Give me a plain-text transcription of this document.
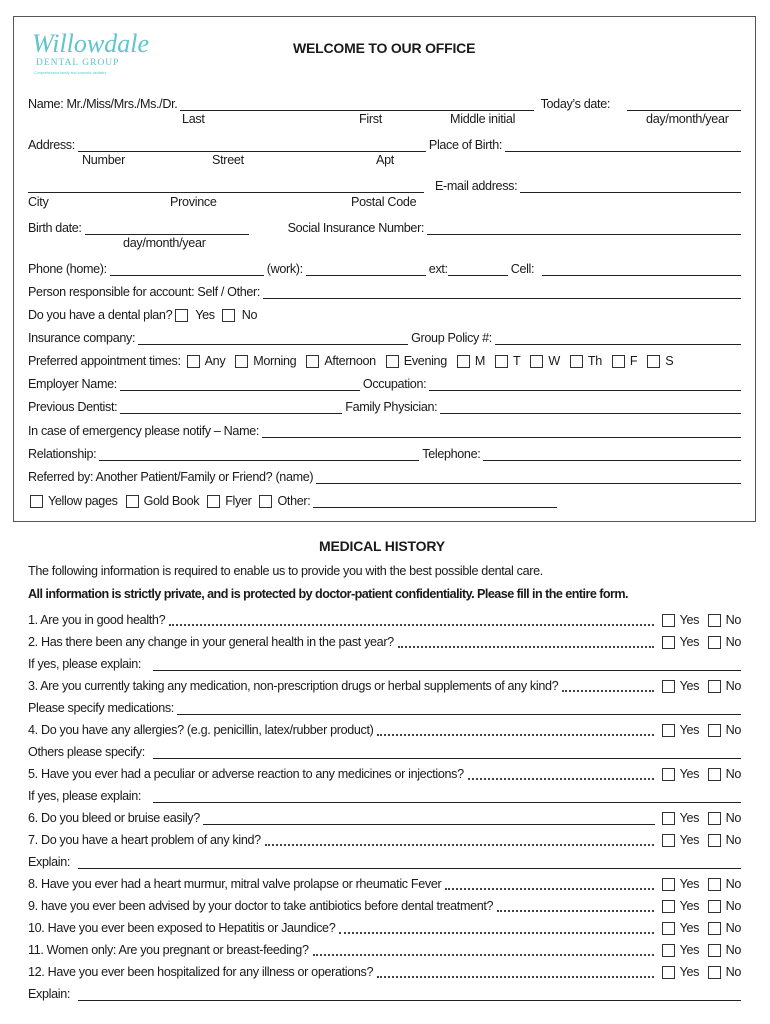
Willowdale
DENTAL GROUP
Comprehensive family and cosmetic dentistry
WELCOME TO OUR OFFICE
Name: Mr./Miss/Mrs./Ms./Dr.	Today’s date:
Last	First	Middle initial	day/month/year
Address:	Place of Birth:
Number	Street	Apt
E-mail address:
City	Province	Postal Code
Birth date:	Social Insurance Number:
day/month/year
Phone (home):	(work):	ext:	Cell:
Person responsible for account: Self / Other:
Do you have a dental plan? Yes No
Insurance company:	Group Policy #:
Preferred appointment times: Any Morning Afternoon Evening M T W Th F S
Employer Name:	Occupation:
Previous Dentist:	Family Physician:
In case of emergency please notify – Name:
Relationship:	Telephone:
Referred by: Another Patient/Family or Friend? (name)
Yellow pages Gold Book Flyer Other:
MEDICAL HISTORY
The following information is required to enable us to provide you with the best possible dental care.
All information is strictly private, and is protected by doctor-patient confidentiality. Please fill in the entire form.
1. Are you in good health?	Yes	No
2. Has there been any change in your general health in the past year?	Yes	No
If yes, please explain:
3. Are you currently taking any medication, non-prescription drugs or herbal supplements of any kind?	Yes	No
Please specify medications:
4. Do you have any allergies? (e.g. penicillin, latex/rubber product)	Yes	No
Others please specify:
5. Have you ever had a peculiar or adverse reaction to any medicines or injections?	Yes	No
If yes, please explain:
6. Do you bleed or bruise easily?	Yes	No
7. Do you have a heart problem of any kind?	Yes	No
Explain:
8. Have you ever had a heart murmur, mitral valve prolapse or rheumatic Fever	Yes	No
9. have you ever been advised by your doctor to take antibiotics before dental treatment?	Yes	No
10. Have you ever been exposed to Hepatitis or Jaundice?	Yes	No
11. Women only: Are you pregnant or breast-feeding?	Yes	No
12. Have you ever been hospitalized for any illness or operations?	Yes	No
Explain:
